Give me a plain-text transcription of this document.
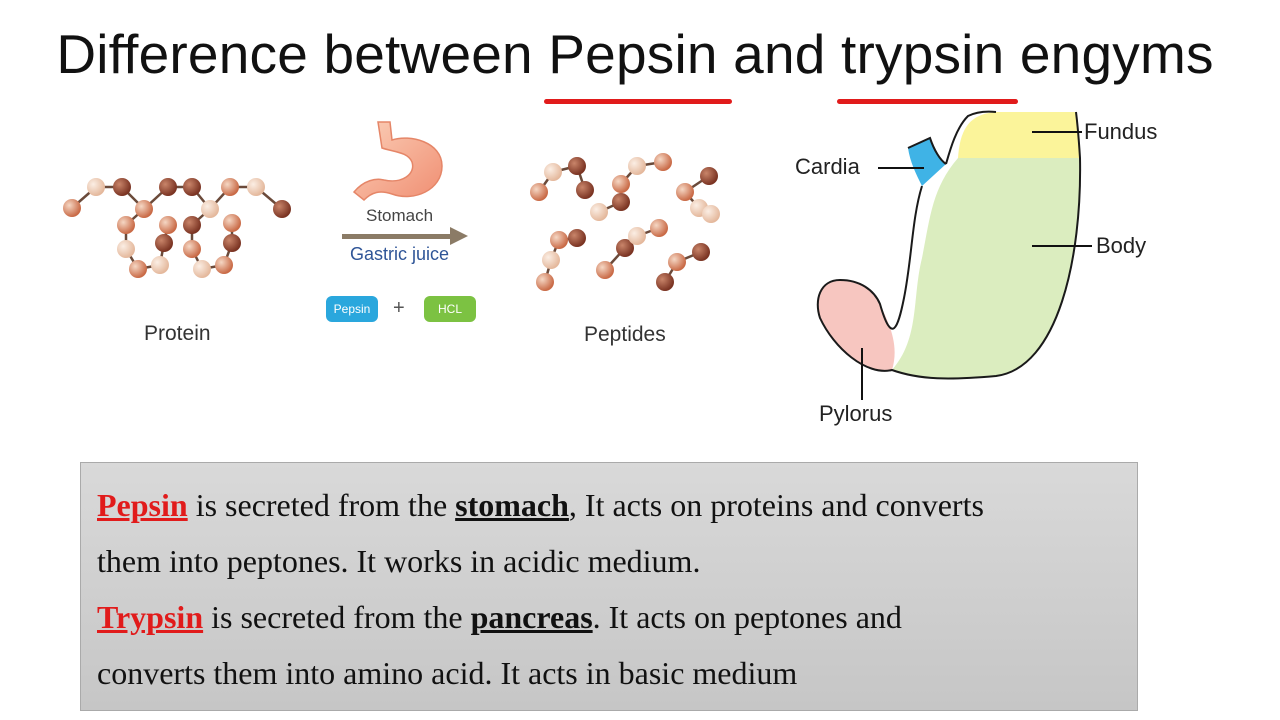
Difference between Pepsin and trypsin engyms
Protein
Stomach
Gastric juice
Pepsin	+	HCL acid	Peptides
Fundus
Cardia
Body
Pylorus
Pepsin is secreted from the stomach, It acts on proteins and converts
them into peptones. It works in acidic medium.
Trypsin is secreted from the pancreas. It acts on peptones and
converts them into amino acid. It acts in basic medium
